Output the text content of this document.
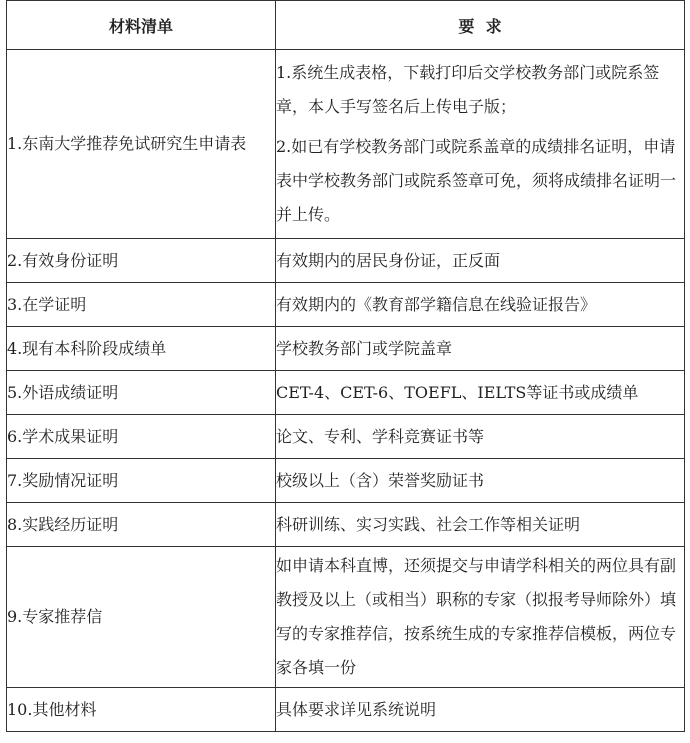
材料清单	要  求
1.东南大学推荐免试研究生申请表	1.系统生成表格，下载打印后交学校教务部门或院系签章，本人手写签名后上传电子版；

2.如已有学校教务部门或院系盖章的成绩排名证明，申请表中学校教务部门或院系签章可免，须将成绩排名证明一并上传。

2.有效身份证明	有效期内的居民身份证，正反面
3.在学证明	有效期内的《教育部学籍信息在线验证报告》
4.现有本科阶段成绩单	学校教务部门或学院盖章
5.外语成绩证明	CET-4、CET-6、TOEFL、IELTS等证书或成绩单
6.学术成果证明	论文、专利、学科竞赛证书等
7.奖励情况证明	校级以上（含）荣誉奖励证书
8.实践经历证明	科研训练、实习实践、社会工作等相关证明
9.专家推荐信	如申请本科直博，还须提交与申请学科相关的两位具有副教授及以上（或相当）职称的专家（拟报考导师除外）填写的专家推荐信，按系统生成的专家推荐信模板，两位专家各填一份
10.其他材料	具体要求详见系统说明
